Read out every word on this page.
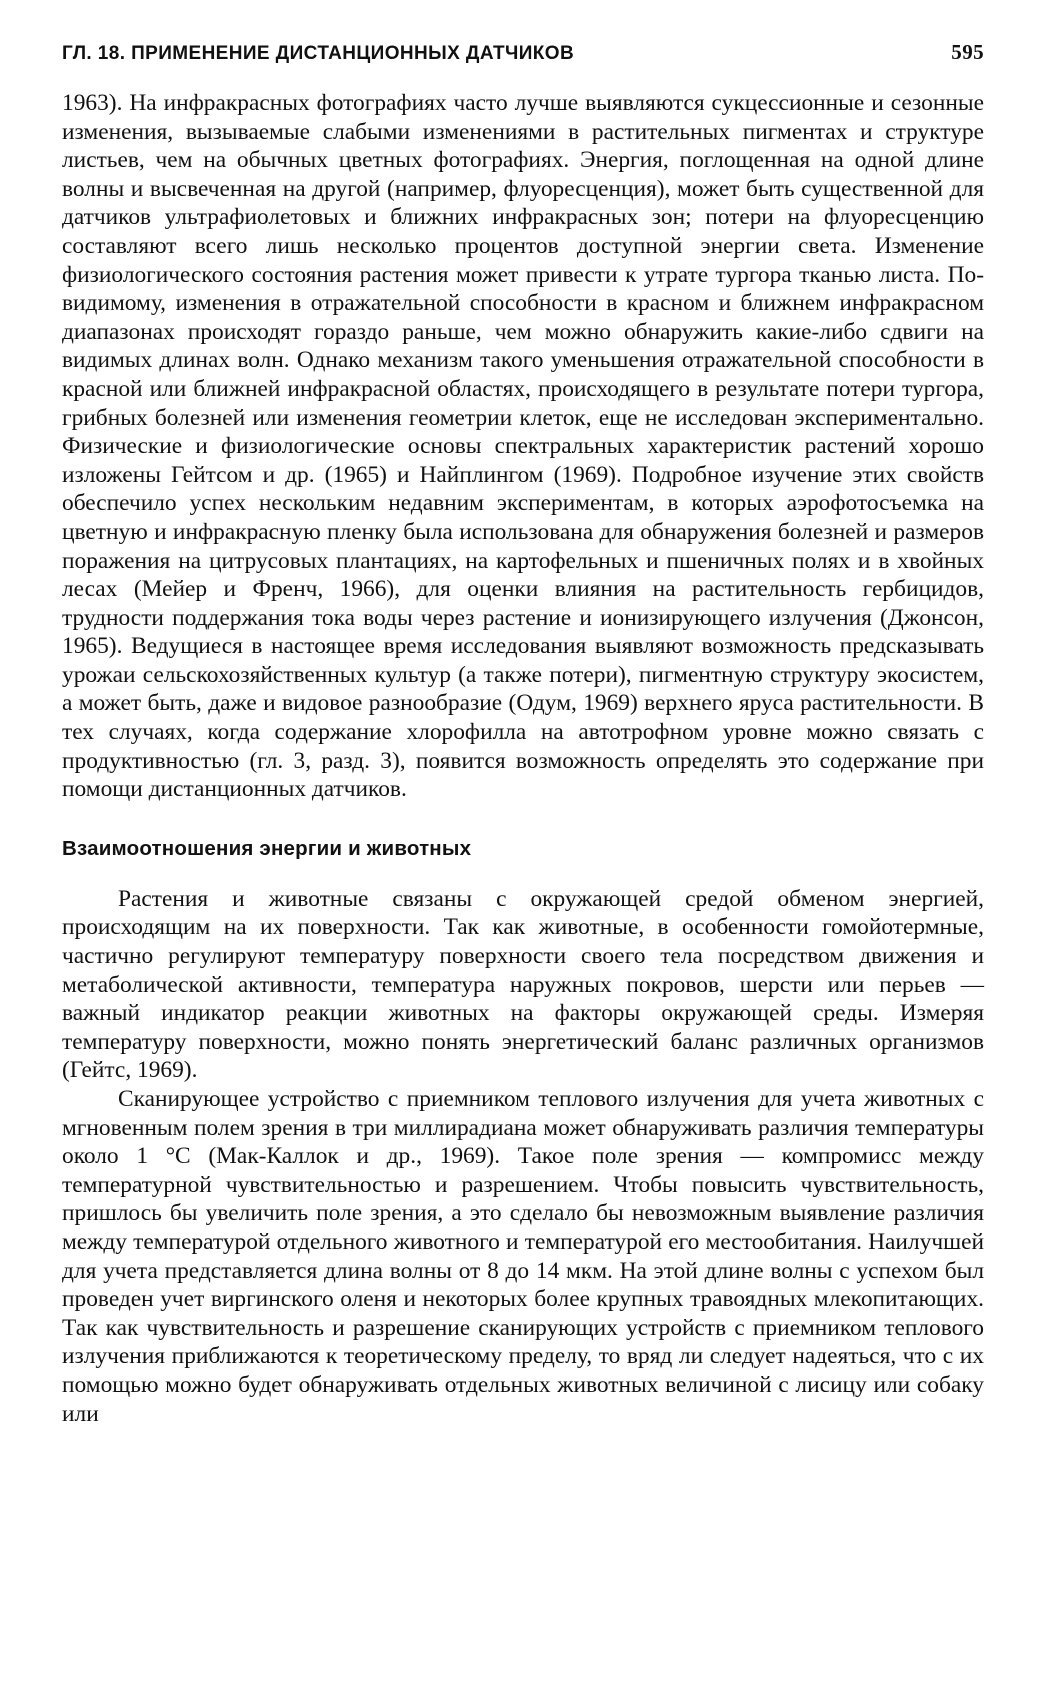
ГЛ. 18. ПРИМЕНЕНИЕ ДИСТАНЦИОННЫХ ДАТЧИКОВ	595

1963). На инфракрасных фотографиях часто лучше выявляются сукцессионные и сезонные изменения, вызываемые слабыми изменениями в растительных пигментах и структуре листьев, чем на обычных цветных фотографиях. Энергия, поглощенная на одной длине волны и высвеченная на другой (например, флуоресценция), может быть существенной для датчиков ультрафиолетовых и ближних инфракрасных зон; потери на флуоресценцию составляют всего лишь несколько процентов доступной энергии света. Изменение физиологического состояния растения может привести к утрате тургора тканью листа. По-видимому, изменения в отражательной способности в красном и ближнем инфракрасном диапазонах происходят гораздо раньше, чем можно обнаружить какие-либо сдвиги на видимых длинах волн. Однако механизм такого уменьшения отражательной способности в красной или ближней инфракрасной областях, происходящего в результате потери тургора, грибных болезней или изменения геометрии клеток, еще не исследован экспериментально. Физические и физиологические основы спектральных характеристик растений хорошо изложены Гейтсом и др. (1965) и Найплингом (1969). Подробное изучение этих свойств обеспечило успех нескольким недавним экспериментам, в которых аэрофотосъемка на цветную и инфракрасную пленку была использована для обнаружения болезней и размеров поражения на цитрусовых плантациях, на картофельных и пшеничных полях и в хвойных лесах (Мейер и Френч, 1966), для оценки влияния на растительность гербицидов, трудности поддержания тока воды через растение и ионизирующего излучения (Джонсон, 1965). Ведущиеся в настоящее время исследования выявляют возможность предсказывать урожаи сельскохозяйственных культур (а также потери), пигментную структуру экосистем, а может быть, даже и видовое разнообразие (Одум, 1969) верхнего яруса растительности. В тех случаях, когда содержание хлорофилла на автотрофном уровне можно связать с продуктивностью (гл. 3, разд. 3), появится возможность определять это содержание при помощи дистанционных датчиков.

Взаимоотношения энергии и животных

Растения и животные связаны с окружающей средой обменом энергией, происходящим на их поверхности. Так как животные, в особенности гомойотермные, частично регулируют температуру поверхности своего тела посредством движения и метаболической активности, температура наружных покровов, шерсти или перьев — важный индикатор реакции животных на факторы окружающей среды. Измеряя температуру поверхности, можно понять энергетический баланс различных организмов (Гейтс, 1969).

Сканирующее устройство с приемником теплового излучения для учета животных с мгновенным полем зрения в три миллирадиана может обнаруживать различия температуры около 1 °С (Мак-Каллок и др., 1969). Такое поле зрения — компромисс между температурной чувствительностью и разрешением. Чтобы повысить чувствительность, пришлось бы увеличить поле зрения, а это сделало бы невозможным выявление различия между температурой отдельного животного и температурой его местообитания. Наилучшей для учета представляется длина волны от 8 до 14 мкм. На этой длине волны с успехом был проведен учет виргинского оленя и некоторых более крупных травоядных млекопитающих. Так как чувствительность и разрешение сканирующих устройств с приемником теплового излучения приближаются к теоретическому пределу, то вряд ли следует надеяться, что с их помощью можно будет обнаруживать отдельных животных величиной с лисицу или собаку или
